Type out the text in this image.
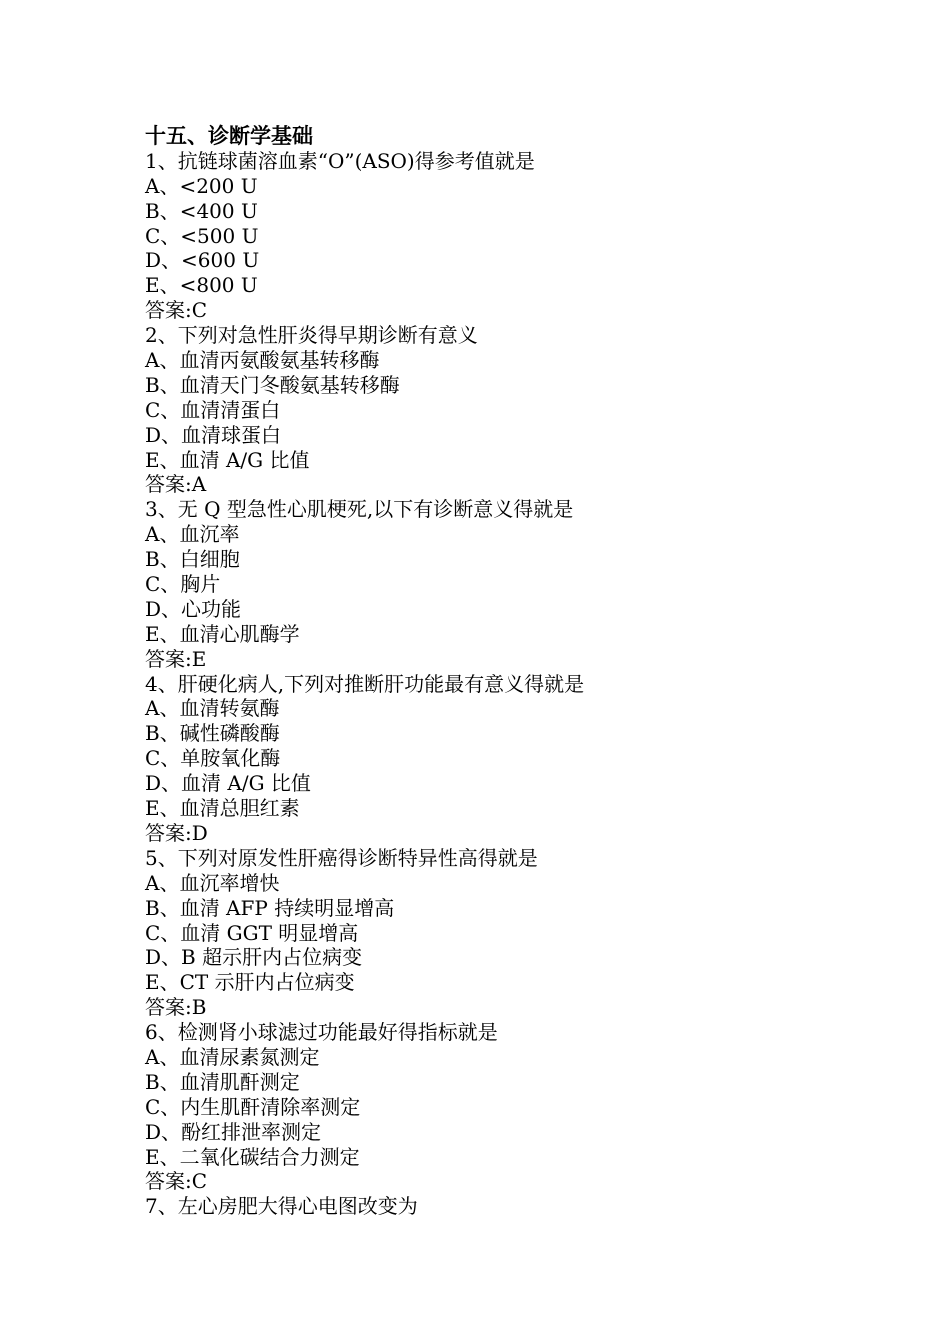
十五、诊断学基础
1、抗链球菌溶血素“O”(ASO)得参考值就是
A、<200 U
B、<400 U
C、<500 U
D、<600 U
E、<800 U
答案:C
2、下列对急性肝炎得早期诊断有意义
A、血清丙氨酸氨基转移酶
B、血清天门冬酸氨基转移酶
C、血清清蛋白
D、血清球蛋白
E、血清 A/G 比值
答案:A
3、无 Q 型急性心肌梗死,以下有诊断意义得就是
A、血沉率
B、白细胞
C、胸片
D、心功能
E、血清心肌酶学
答案:E
4、肝硬化病人,下列对推断肝功能最有意义得就是
A、血清转氨酶
B、碱性磷酸酶
C、单胺氧化酶
D、血清 A/G 比值
E、血清总胆红素
答案:D
5、下列对原发性肝癌得诊断特异性高得就是
A、血沉率增快
B、血清 AFP 持续明显增高
C、血清 GGT 明显增高
D、B 超示肝内占位病变
E、CT 示肝内占位病变
答案:B
6、检测肾小球滤过功能最好得指标就是
A、血清尿素氮测定
B、血清肌酐测定
C、内生肌酐清除率测定
D、酚红排泄率测定
E、二氧化碳结合力测定
答案:C
7、左心房肥大得心电图改变为
